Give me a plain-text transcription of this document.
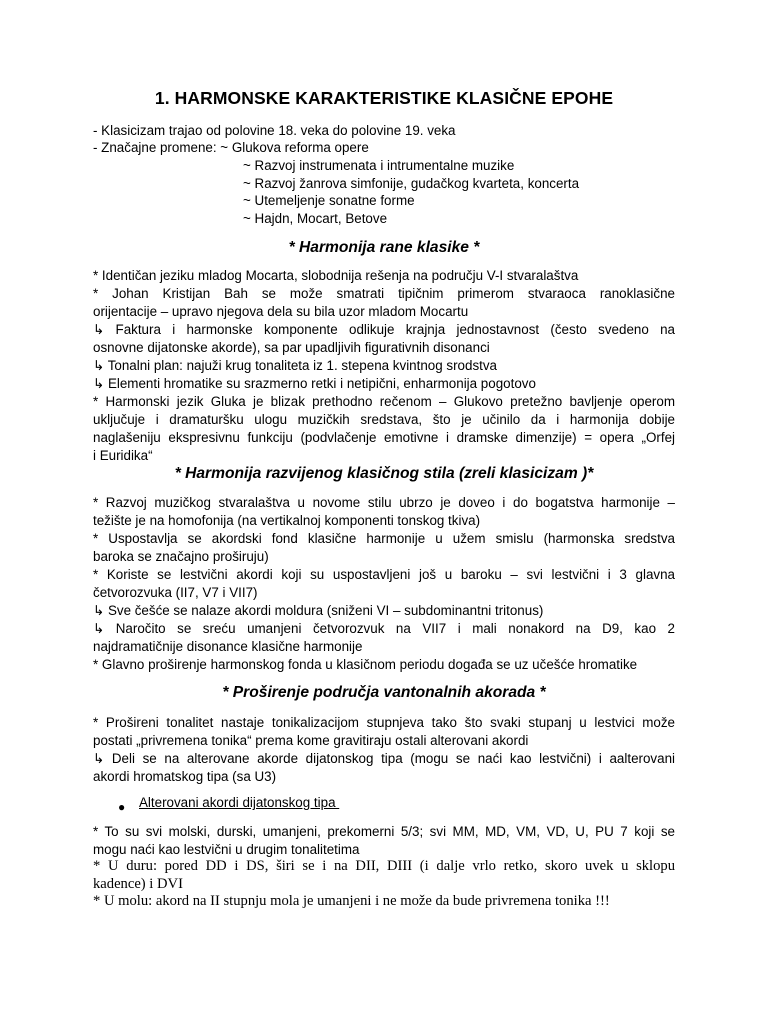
1. HARMONSKE KARAKTERISTIKE KLASIČNE EPOHE
- Klasicizam trajao od polovine 18. veka do polovine 19. veka
- Značajne promene: ~ Glukova reforma opere
~ Razvoj instrumenata i intrumentalne muzike
~ Razvoj žanrova simfonije, gudačkog kvarteta, koncerta
~ Utemeljenje sonatne forme
~ Hajdn, Mocart, Betove
* Harmonija rane klasike *
* Identičan jeziku mladog Mocarta, slobodnija rešenja na području V-I stvaralaštva
* Johan Kristijan Bah se može smatrati tipičnim primerom stvaraoca ranoklasične
orijentacije – upravo njegova dela su bila uzor mladom Mocartu
↳ Faktura i harmonske komponente odlikuje krajnja jednostavnost (često svedeno na
osnovne dijatonske akorde), sa par upadljivih figurativnih disonanci
↳ Tonalni plan: najuži krug tonaliteta iz 1. stepena kvintnog srodstva
↳ Elementi hromatike su srazmerno retki i netipični, enharmonija pogotovo
* Harmonski jezik Gluka je blizak prethodno rečenom – Glukovo pretežno bavljenje operom
uključuje i dramaturšku ulogu muzičkih sredstava, što je učinilo da i harmonija dobije
naglašeniju ekspresivnu funkciju (podvlačenje emotivne i dramske dimenzije) = opera „Orfej
i Euridika“
* Harmonija razvijenog klasičnog stila (zreli klasicizam )*
* Razvoj muzičkog stvaralaštva u novome stilu ubrzo je doveo i do bogatstva harmonije –
težište je na homofonija (na vertikalnoj komponenti tonskog tkiva)
* Uspostavlja se akordski fond klasične harmonije u užem smislu (harmonska sredstva
baroka se značajno proširuju)
* Koriste se lestvični akordi koji su uspostavljeni još u baroku – svi lestvični i 3 glavna
četvorozvuka (II7, V7 i VII7)
↳ Sve češće se nalaze akordi moldura (sniženi VI – subdominantni tritonus)
↳ Naročito se sreću umanjeni četvorozvuk na VII7 i mali nonakord na D9, kao 2
najdramatičnije disonance klasične harmonije
* Glavno proširenje harmonskog fonda u klasičnom periodu događa se uz učešće hromatike
* Proširenje područja vantonalnih akorada *
* Prošireni tonalitet nastaje tonikalizacijom stupnjeva tako što svaki stupanj u lestvici može
postati „privremena tonika“ prema kome gravitiraju ostali alterovani akordi
↳ Deli se na alterovane akorde dijatonskog tipa (mogu se naći kao lestvični) i aalterovani
akordi hromatskog tipa (sa U3)
● Alterovani akordi dijatonskog tipa
* To su svi molski, durski, umanjeni, prekomerni 5/3; svi MM, MD, VM, VD, U, PU 7 koji se
mogu naći kao lestvični u drugim tonalitetima
* U duru: pored DD i DS, širi se i na DII, DIII (i dalje vrlo retko, skoro uvek u sklopu
kadence) i DVI
* U molu: akord na II stupnju mola je umanjeni i ne može da bude privremena tonika !!!
